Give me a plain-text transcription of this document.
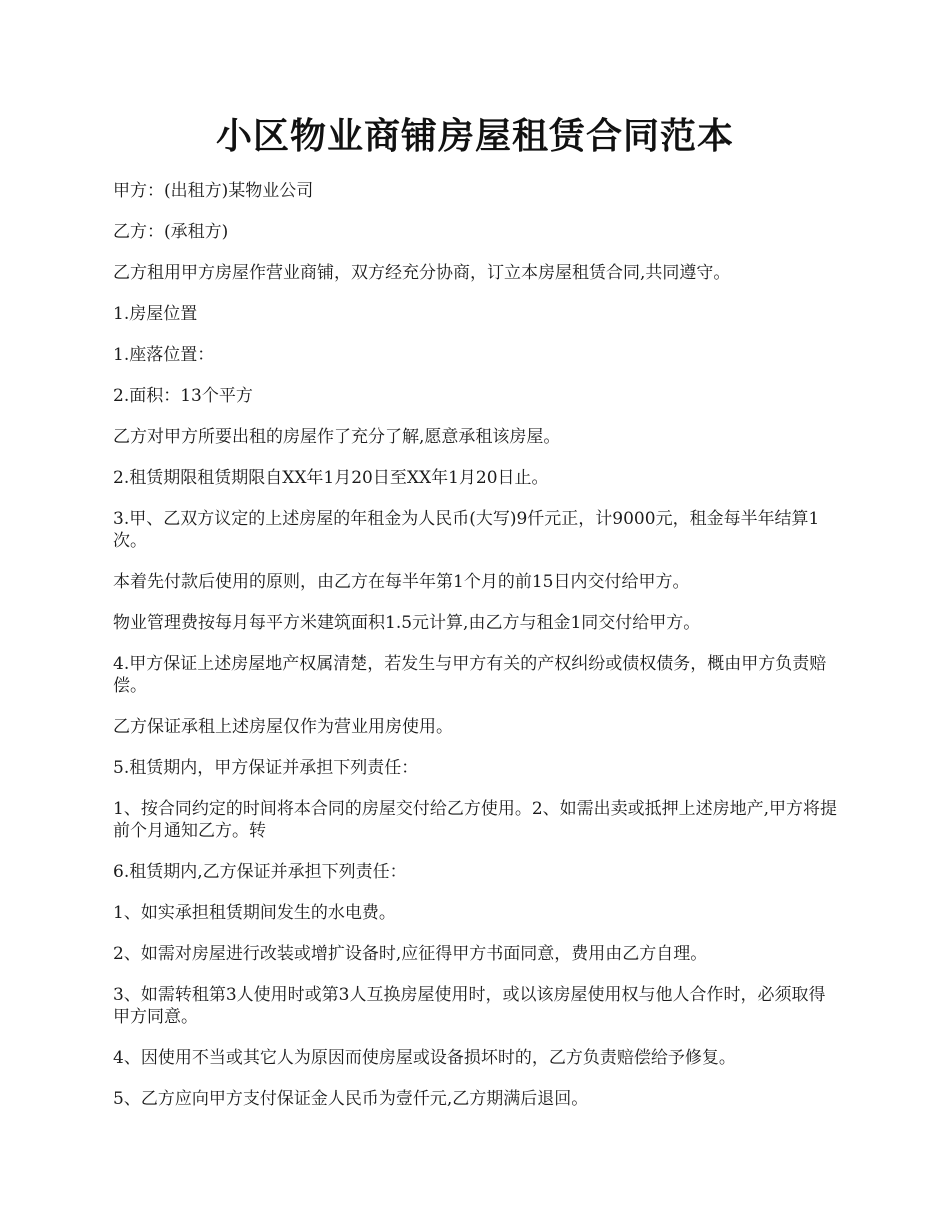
小区物业商铺房屋租赁合同范本

甲方：(出租方)某物业公司

乙方：(承租方)

乙方租用甲方房屋作营业商铺，双方经充分协商，订立本房屋租赁合同,共同遵守。

1.房屋位置

1.座落位置：

2.面积：13个平方

乙方对甲方所要出租的房屋作了充分了解,愿意承租该房屋。

2.租赁期限租赁期限自XX年1月20日至XX年1月20日止。

3.甲、乙双方议定的上述房屋的年租金为人民币(大写)9仟元正，计9000元，租金每半年结算1次。

本着先付款后使用的原则，由乙方在每半年第1个月的前15日内交付给甲方。

物业管理费按每月每平方米建筑面积1.5元计算,由乙方与租金1同交付给甲方。

4.甲方保证上述房屋地产权属清楚，若发生与甲方有关的产权纠纷或债权债务，概由甲方负责赔偿。

乙方保证承租上述房屋仅作为营业用房使用。

5.租赁期内，甲方保证并承担下列责任：

1、按合同约定的时间将本合同的房屋交付给乙方使用。2、如需出卖或抵押上述房地产,甲方将提前个月通知乙方。转

6.租赁期内,乙方保证并承担下列责任：

1、如实承担租赁期间发生的水电费。

2、如需对房屋进行改装或增扩设备时,应征得甲方书面同意，费用由乙方自理。

3、如需转租第3人使用时或第3人互换房屋使用时，或以该房屋使用权与他人合作时，必须取得甲方同意。

4、因使用不当或其它人为原因而使房屋或设备损坏时的，乙方负责赔偿给予修复。

5、乙方应向甲方支付保证金人民币为壹仟元,乙方期满后退回。
